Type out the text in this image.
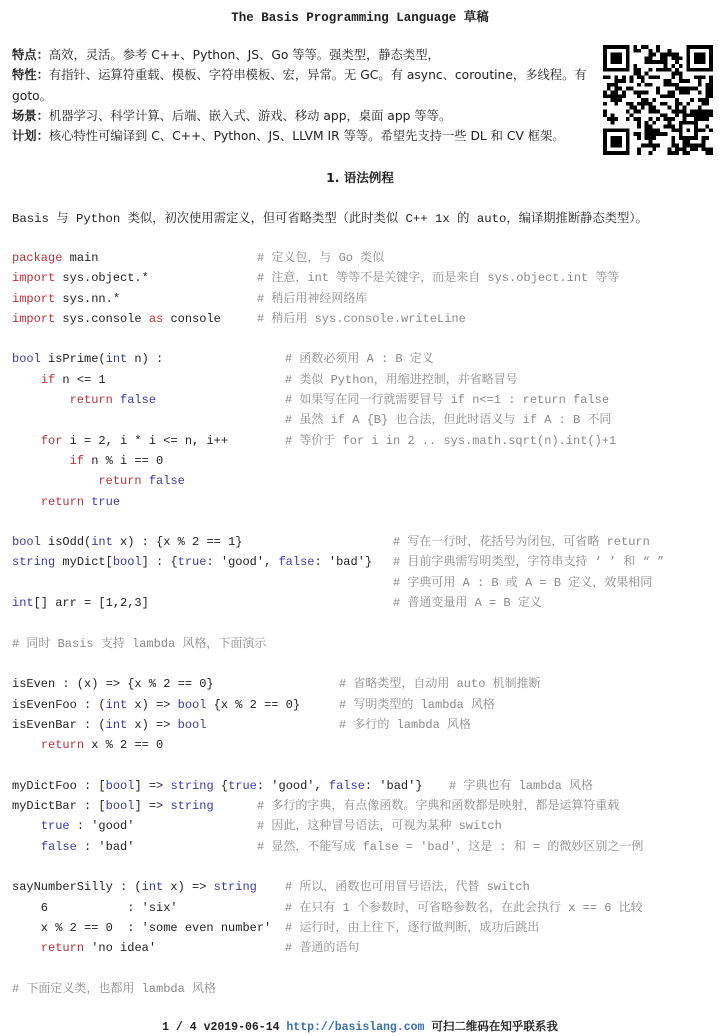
The Basis Programming Language 草稿
特点：高效，灵活。参考 C++、Python、JS、Go 等等。强类型，静态类型，
特性：有指针、运算符重载、模板、字符串模板、宏，异常。无 GC。有 async、coroutine，多线程。有 goto。
场景：机器学习、科学计算、后端、嵌入式、游戏、移动 app，桌面 app 等等。
计划：核心特性可编译到 C、C++、Python、JS、LLVM IR 等等。希望先支持一些 DL 和 CV 框架。
1. 语法例程
Basis 与 Python 类似，初次使用需定义，但可省略类型（此时类似 C++ 1x 的 auto，编译期推断静态类型）。
package main	# 定义包，与 Go 类似
import sys.object.*	# 注意，int 等等不是关键字，而是来自 sys.object.int 等等
import sys.nn.*	# 稍后用神经网络库
import sys.console as console	# 稍后用 sys.console.writeLine
bool isPrime(int n) :	# 函数必须用 A : B 定义
if n <= 1	# 类似 Python，用缩进控制，并省略冒号
return false	# 如果写在同一行就需要冒号 if n<=1 : return false
# 虽然 if A {B} 也合法，但此时语义与 if A : B 不同
for i = 2, i * i <= n, i++	# 等价于 for i in 2 .. sys.math.sqrt(n).int()+1
if n % i == 0
return false
return true
bool isOdd(int x) : {x % 2 == 1}	# 写在一行时，花括号为闭包，可省略 return
string myDict[bool] : {true: 'good', false: 'bad'} # 目前字典需写明类型，字符串支持 ‘ ’ 和 “ ”
# 字典可用 A : B 或 A = B 定义，效果相同
int[] arr = [1,2,3]	# 普通变量用 A = B 定义
# 同时 Basis 支持 lambda 风格，下面演示
isEven : (x) => {x % 2 == 0}	# 省略类型，自动用 auto 机制推断
isEvenFoo : (int x) => bool {x % 2 == 0}	# 写明类型的 lambda 风格
isEvenBar : (int x) => bool	# 多行的 lambda 风格
return x % 2 == 0
myDictFoo : [bool] => string {true: 'good', false: 'bad'} # 字典也有 lambda 风格
myDictBar : [bool] => string	# 多行的字典，有点像函数。字典和函数都是映射，都是运算符重载
true : 'good'	# 因此，这种冒号语法，可视为某种 switch
false : 'bad'	# 显然，不能写成 false = 'bad'，这是 : 和 = 的微妙区别之一例
sayNumberSilly : (int x) => string # 所以，函数也可用冒号语法，代替 switch
6           : 'six'	# 在只有 1 个参数时，可省略参数名，在此会执行 x == 6 比较
x % 2 == 0  : 'some even number' # 运行时，由上往下，逐行做判断，成功后跳出
return 'no idea'	# 普通的语句
# 下面定义类，也都用 lambda 风格
1 / 4 v2019-06-14 http://basislang.com 可扫二维码在知乎联系我
